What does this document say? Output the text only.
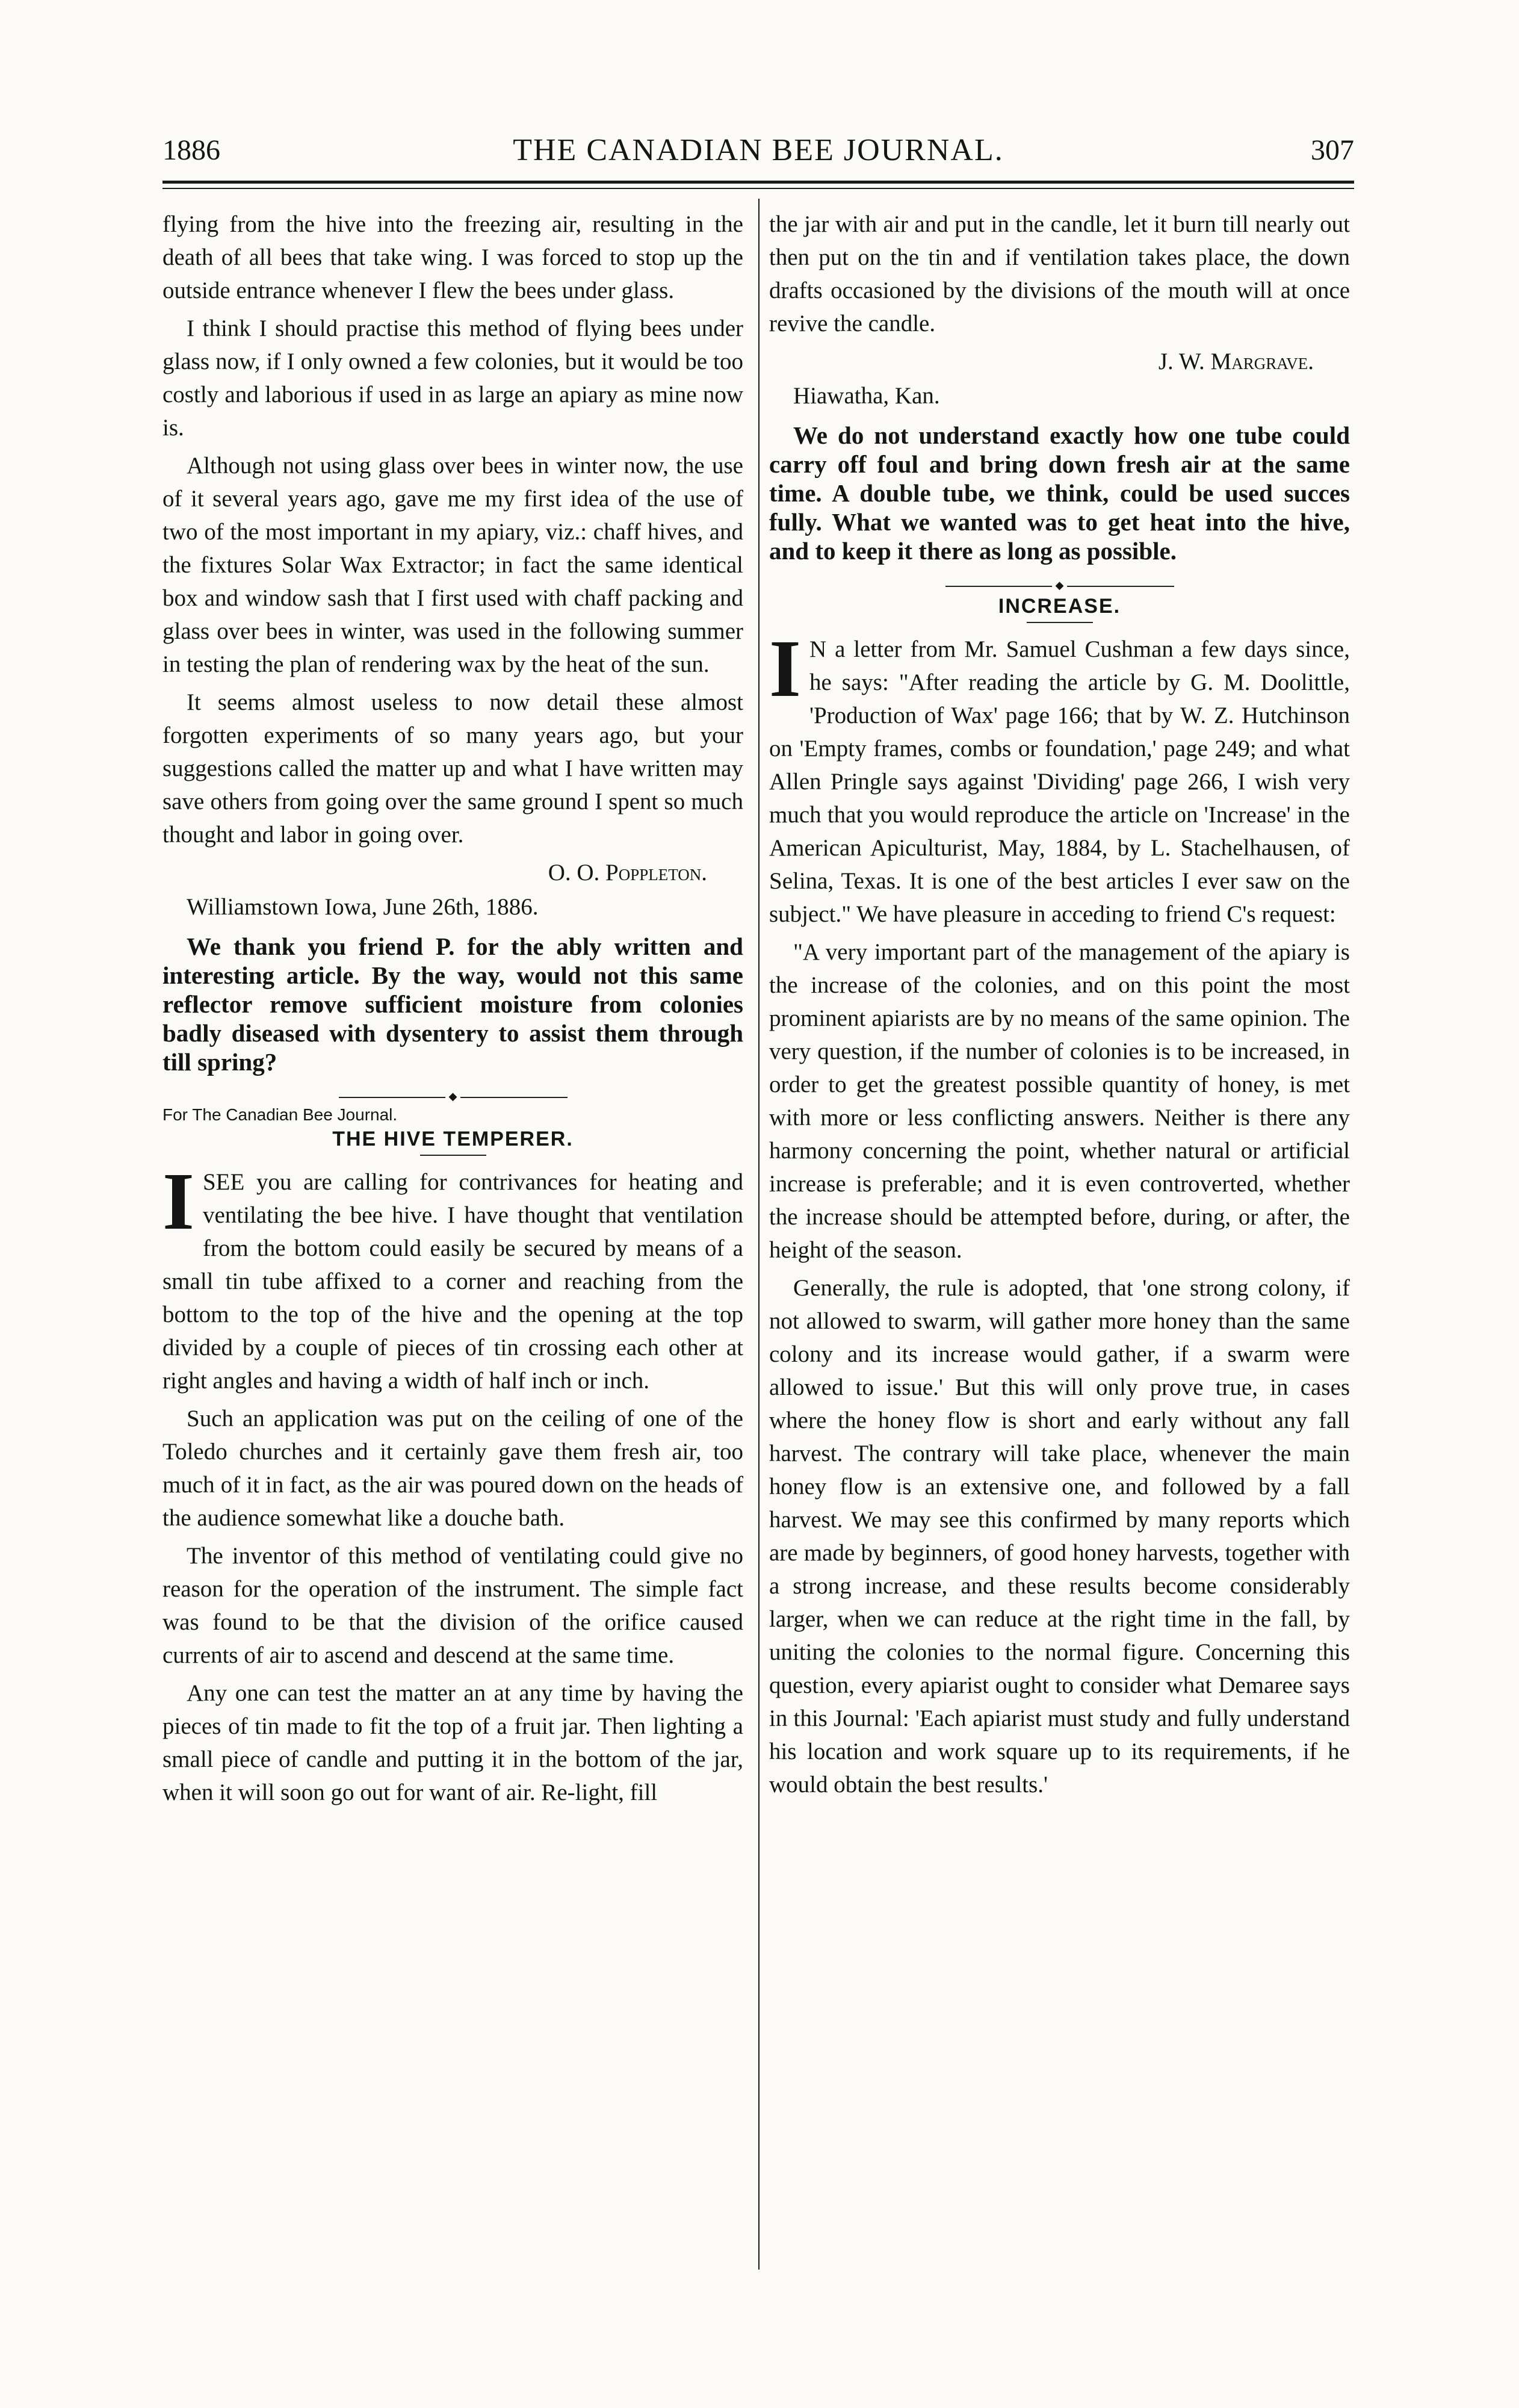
1886	THE CANADIAN BEE JOURNAL.	307

flying from the hive into the freezing air, resulting in the death of all bees that take wing. I was forced to stop up the outside entrance whenever I flew the bees under glass.

I think I should practise this method of flying bees under glass now, if I only owned a few colonies, but it would be too costly and laborious if used in as large an apiary as mine now is.

Although not using glass over bees in winter now, the use of it several years ago, gave me my first idea of the use of two of the most important in my apiary, viz.: chaff hives, and the fixtures Solar Wax Extractor; in fact the same identical box and window sash that I first used with chaff packing and glass over bees in winter, was used in the following summer in testing the plan of rendering wax by the heat of the sun.

It seems almost useless to now detail these almost forgotten experiments of so many years ago, but your suggestions called the matter up and what I have written may save others from going over the same ground I spent so much thought and labor in going over.

O. O. Poppleton.
Williamstown Iowa, June 26th, 1886.

We thank you friend P. for the ably written and interesting article. By the way, would not this same reflector remove sufficient moisture from colonies badly diseased with dysentery to assist them through till spring?

◆
For The Canadian Bee Journal.
THE HIVE TEMPERER.

ISEE you are calling for contrivances for heating and ventilating the bee hive. I have thought that ventilation from the bottom could easily be secured by means of a small tin tube affixed to a corner and reaching from the bottom to the top of the hive and the opening at the top divided by a couple of pieces of tin crossing each other at right angles and having a width of half inch or inch.

Such an application was put on the ceiling of one of the Toledo churches and it certainly gave them fresh air, too much of it in fact, as the air was poured down on the heads of the audience somewhat like a douche bath.

The inventor of this method of ventilating could give no reason for the operation of the instrument. The simple fact was found to be that the division of the orifice caused currents of air to ascend and descend at the same time.

Any one can test the matter an at any time by having the pieces of tin made to fit the top of a fruit jar. Then lighting a small piece of candle and putting it in the bottom of the jar, when it will soon go out for want of air. Re-light, fill

the jar with air and put in the candle, let it burn till nearly out then put on the tin and if ventilation takes place, the down drafts occasioned by the divisions of the mouth will at once revive the candle.

J. W. Margrave.
Hiawatha, Kan.

We do not understand exactly how one tube could carry off foul and bring down fresh air at the same time. A double tube, we think, could be used succes fully. What we wanted was to get heat into the hive, and to keep it there as long as possible.

◆
INCREASE.

I N a letter from Mr. Samuel Cushman a few days since, he says: "After reading the article by G. M. Doolittle, 'Production of Wax' page 166; that by W. Z. Hutchinson on 'Empty frames, combs or foundation,' page 249; and what Allen Pringle says against 'Dividing' page 266, I wish very much that you would reproduce the article on 'Increase' in the American Apiculturist, May, 1884, by L. Stachelhausen, of Selina, Texas. It is one of the best articles I ever saw on the subject." We have pleasure in acceding to friend C's request:

"A very important part of the management of the apiary is the increase of the colonies, and on this point the most prominent apiarists are by no means of the same opinion. The very question, if the number of colonies is to be increased, in order to get the greatest possible quantity of honey, is met with more or less conflicting answers. Neither is there any harmony concerning the point, whether natural or artificial increase is preferable; and it is even controverted, whether the increase should be attempted before, during, or after, the height of the season.

Generally, the rule is adopted, that 'one strong colony, if not allowed to swarm, will gather more honey than the same colony and its increase would gather, if a swarm were allowed to issue.' But this will only prove true, in cases where the honey flow is short and early without any fall harvest. The contrary will take place, whenever the main honey flow is an extensive one, and followed by a fall harvest. We may see this confirmed by many reports which are made by beginners, of good honey harvests, together with a strong increase, and these results become considerably larger, when we can reduce at the right time in the fall, by uniting the colonies to the normal figure. Concerning this question, every apiarist ought to consider what Demaree says in this Journal: 'Each apiarist must study and fully understand his location and work square up to its requirements, if he would obtain the best results.'
